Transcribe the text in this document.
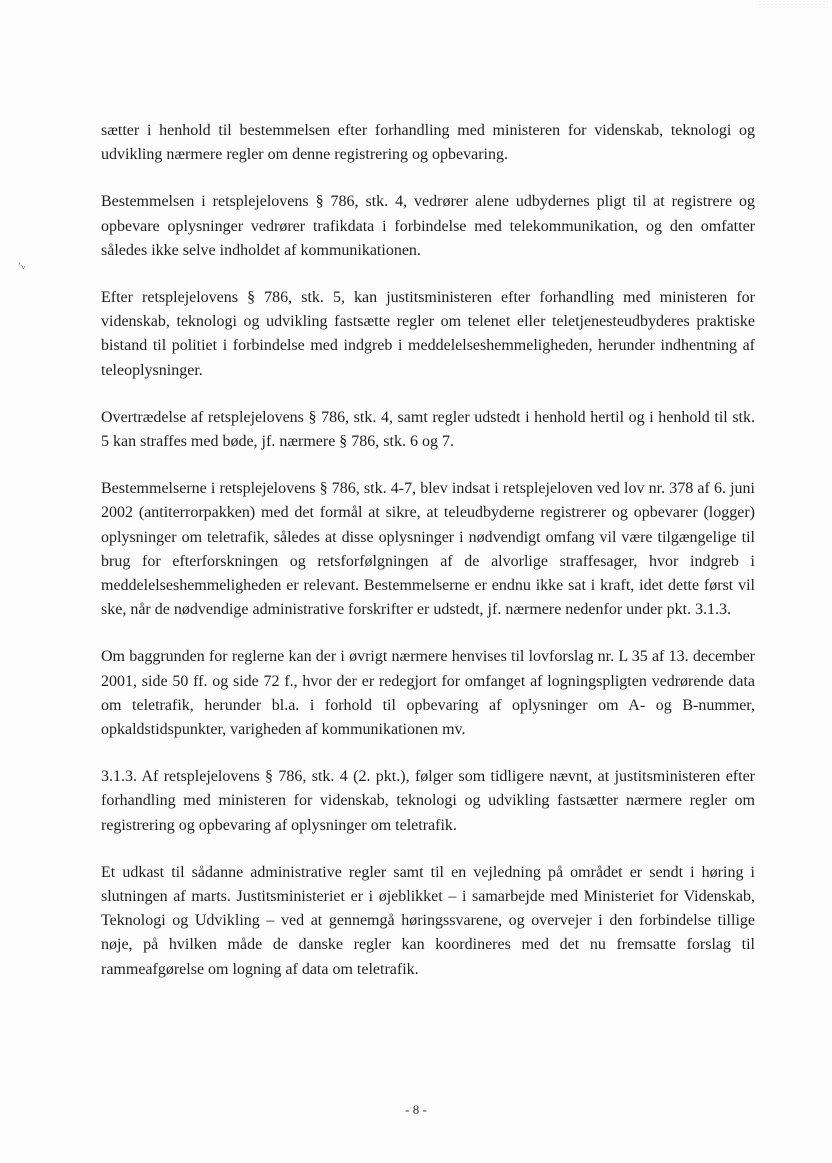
ʻ·ᵥ

sætter i henhold til bestemmelsen efter forhandling med ministeren for videnskab, teknologi og udvikling nærmere regler om denne registrering og opbevaring.

Bestemmelsen i retsplejelovens § 786, stk. 4, vedrører alene udbydernes pligt til at registrere og opbevare oplysninger vedrører trafikdata i forbindelse med telekommunikation, og den omfatter således ikke selve indholdet af kommunikationen.

Efter retsplejelovens § 786, stk. 5, kan justitsministeren efter forhandling med ministeren for videnskab, teknologi og udvikling fastsætte regler om telenet eller teletjenesteudbyderes praktiske bistand til politiet i forbindelse med indgreb i meddelelseshemmeligheden, herunder indhentning af teleoplysninger.

Overtrædelse af retsplejelovens § 786, stk. 4, samt regler udstedt i henhold hertil og i henhold til stk. 5 kan straffes med bøde, jf. nærmere § 786, stk. 6 og 7.

Bestemmelserne i retsplejelovens § 786, stk. 4-7, blev indsat i retsplejeloven ved lov nr. 378 af 6. juni 2002 (antiterrorpakken) med det formål at sikre, at teleudbyderne registrerer og opbevarer (logger) oplysninger om teletrafik, således at disse oplysninger i nødvendigt omfang vil være tilgængelige til brug for efterforskningen og retsforfølgningen af de alvorlige straffesager, hvor indgreb i meddelelseshemmeligheden er relevant. Bestemmelserne er endnu ikke sat i kraft, idet dette først vil ske, når de nødvendige administrative forskrifter er udstedt, jf. nærmere nedenfor under pkt. 3.1.3.

Om baggrunden for reglerne kan der i øvrigt nærmere henvises til lovforslag nr. L 35 af 13. december 2001, side 50 ff. og side 72 f., hvor der er redegjort for omfanget af logningspligten vedrørende data om teletrafik, herunder bl.a. i forhold til opbevaring af oplysninger om A- og B-nummer, opkaldstidspunkter, varigheden af kommunikationen mv.

3.1.3. Af retsplejelovens § 786, stk. 4 (2. pkt.), følger som tidligere nævnt, at justitsministeren efter forhandling med ministeren for videnskab, teknologi og udvikling fastsætter nærmere regler om registrering og opbevaring af oplysninger om teletrafik.

Et udkast til sådanne administrative regler samt til en vejledning på området er sendt i høring i slutningen af marts. Justitsministeriet er i øjeblikket – i samarbejde med Ministeriet for Videnskab, Teknologi og Udvikling – ved at gennemgå høringssvarene, og overvejer i den forbindelse tillige nøje, på hvilken måde de danske regler kan koordineres med det nu fremsatte forslag til rammeafgørelse om logning af data om teletrafik.

- 8 -
